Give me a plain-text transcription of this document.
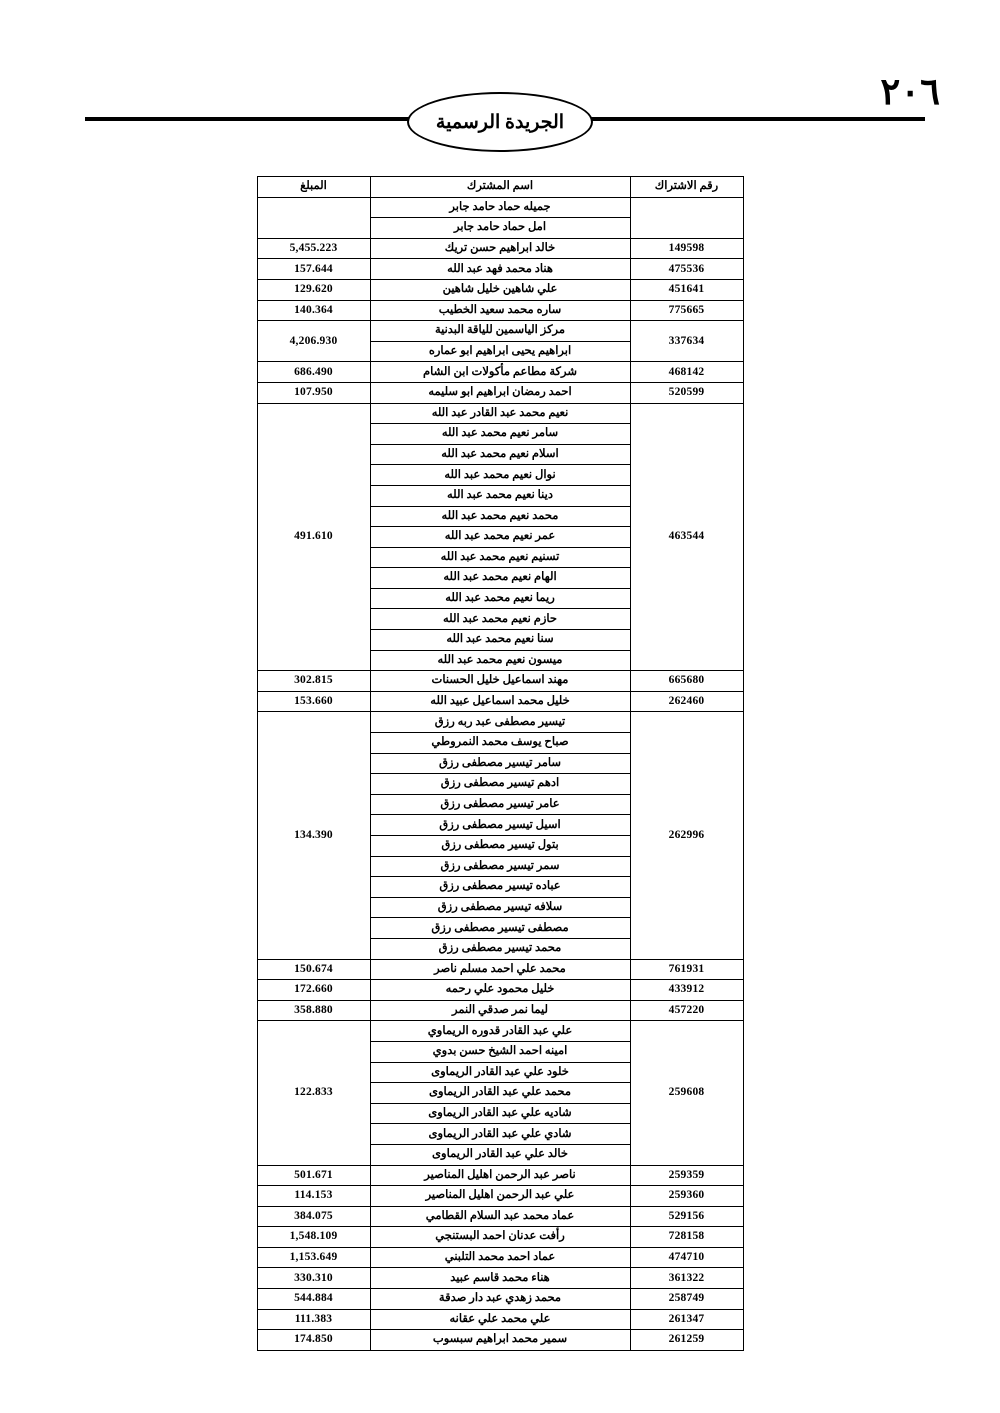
٢٠٦
الجريدة الرسمية
رقم الاشتراك	اسم المشترك	المبلغ
	جميله حماد حامد جابر	
	امل حماد حامد جابر	
149598	خالد ابراهيم حسن تريك	5,455.223
475536	هناد محمد فهد عبد الله	157.644
451641	علي شاهين خليل شاهين	129.620
775665	ساره محمد سعيد الخطيب	140.364
337634	مركز الياسمين للياقة البدنية	4,206.930
	ابراهيم يحيى ابراهيم ابو عماره	
468142	شركة مطاعم مأكولات ابن الشام	686.490
520599	احمد رمضان ابراهيم ابو سليمه	107.950
463544	نعيم محمد عبد القادر عبد الله	491.610
	سامر نعيم محمد عبد الله	
	اسلام نعيم محمد عبد الله	
	نوال نعيم محمد عبد الله	
	دينا نعيم محمد عبد الله	
	محمد نعيم محمد عبد الله	
	عمر نعيم محمد عبد الله	
	تسنيم نعيم محمد عبد الله	
	الهام نعيم محمد عبد الله	
	ريما نعيم محمد عبد الله	
	حازم نعيم محمد عبد الله	
	سنا نعيم محمد عبد الله	
	ميسون نعيم محمد عبد الله	
665680	مهند اسماعيل خليل الحسنات	302.815
262460	خليل محمد اسماعيل عبيد الله	153.660
262996	تيسير مصطفى عبد ربه رزق	134.390
	صباح يوسف محمد النمروطي	
	سامر تيسير مصطفى رزق	
	ادهم تيسير مصطفى رزق	
	عامر تيسير مصطفى رزق	
	اسيل تيسير مصطفى رزق	
	بتول تيسير مصطفى رزق	
	سمر تيسير مصطفى رزق	
	عباده تيسير مصطفى رزق	
	سلافه تيسير مصطفى رزق	
	مصطفى تيسير مصطفى رزق	
	محمد تيسير مصطفى رزق	
761931	محمد علي احمد مسلم ناصر	150.674
433912	خليل محمود علي رحمه	172.660
457220	ليما نمر صدقي النمر	358.880
259608	علي عبد القادر قدوره الريماوي	122.833
	امينه احمد الشيخ حسن بدوي	
	خلود علي عبد القادر الريماوى	
	محمد علي عبد القادر الريماوى	
	شاديه علي عبد القادر الريماوى	
	شادي علي عبد القادر الريماوى	
	خالد علي عبد القادر الريماوى	
259359	ناصر عبد الرحمن اهليل المناصير	501.671
259360	علي عبد الرحمن اهليل المناصير	114.153
529156	عماد محمد عبد السلام القطامي	384.075
728158	رأفت عدنان احمد البستنجي	1,548.109
474710	عماد احمد محمد التلبني	1,153.649
361322	هناء محمد قاسم عبيد	330.310
258749	محمد زهدي عبد دار صدقة	544.884
261347	علي محمد علي عقانه	111.383
261259	سمير محمد ابراهيم سبسوب	174.850
